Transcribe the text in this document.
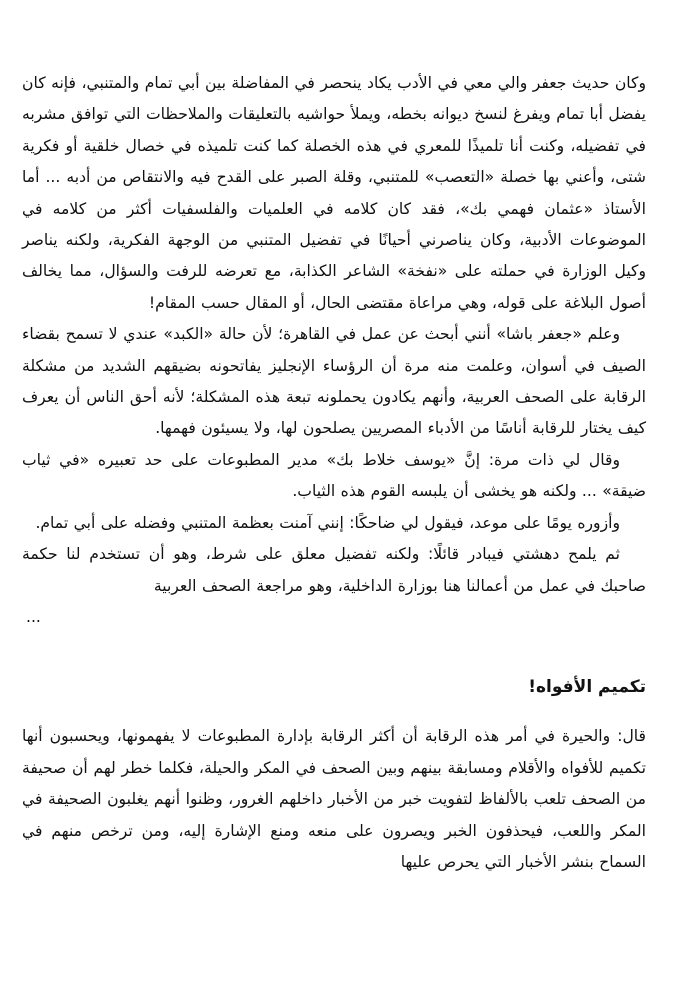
وكان حديث جعفر والي معي في الأدب يكاد ينحصر في المفاضلة بين أبي تمام والمتنبي، فإنه كان يفضل أبا تمام ويفرغ لنسخ ديوانه بخطه، ويملأ حواشيه بالتعليقات والملاحظات التي توافق مشربه في تفضيله، وكنت أنا تلميذًا للمعري في هذه الخصلة كما كنت تلميذه في خصال خلقية أو فكرية شتى، وأعني بها خصلة «التعصب» للمتنبي، وقلة الصبر على القدح فيه والانتقاص من أدبه ... أما الأستاذ «عثمان فهمي بك»، فقد كان كلامه في العلميات والفلسفيات أكثر من كلامه في الموضوعات الأدبية، وكان يناصرني أحيانًا في تفضيل المتنبي من الوجهة الفكرية، ولكنه يناصر وكيل الوزارة في حملته على «نفخة» الشاعر الكذابة، مع تعرضه للرفت والسؤال، مما يخالف أصول البلاغة على قوله، وهي مراعاة مقتضى الحال، أو المقال حسب المقام!

وعلم «جعفر باشا» أنني أبحث عن عمل في القاهرة؛ لأن حالة «الكبد» عندي لا تسمح بقضاء الصيف في أسوان، وعلمت منه مرة أن الرؤساء الإنجليز يفاتحونه بضيقهم الشديد من مشكلة الرقابة على الصحف العربية، وأنهم يكادون يحملونه تبعة هذه المشكلة؛ لأنه أحق الناس أن يعرف كيف يختار للرقابة أناسًا من الأدباء المصريين يصلحون لها، ولا يسيئون فهمها.

وقال لي ذات مرة: إنَّ «يوسف خلاط بك» مدير المطبوعات على حد تعبيره «في ثياب ضيقة» ... ولكنه هو يخشى أن يلبسه القوم هذه الثياب.

وأزوره يومًا على موعد، فيقول لي ضاحكًا: إنني آمنت بعظمة المتنبي وفضله على أبي تمام.

ثم يلمح دهشتي فيبادر قائلًا: ولكنه تفضيل معلق على شرط، وهو أن تستخدم لنا حكمة صاحبك في عمل من أعمالنا هنا بوزارة الداخلية، وهو مراجعة الصحف العربية

...

تكميم الأفواه!

قال: والحيرة في أمر هذه الرقابة أن أكثر الرقابة بإدارة المطبوعات لا يفهمونها، ويحسبون أنها تكميم للأفواه والأقلام ومسابقة بينهم وبين الصحف في المكر والحيلة، فكلما خطر لهم أن صحيفة من الصحف تلعب بالألفاظ لتفويت خبر من الأخبار داخلهم الغرور، وظنوا أنهم يغلبون الصحيفة في المكر واللعب، فيحذفون الخبر ويصرون على منعه ومنع الإشارة إليه، ومن ترخص منهم في السماح بنشر الأخبار التي يحرص عليها
